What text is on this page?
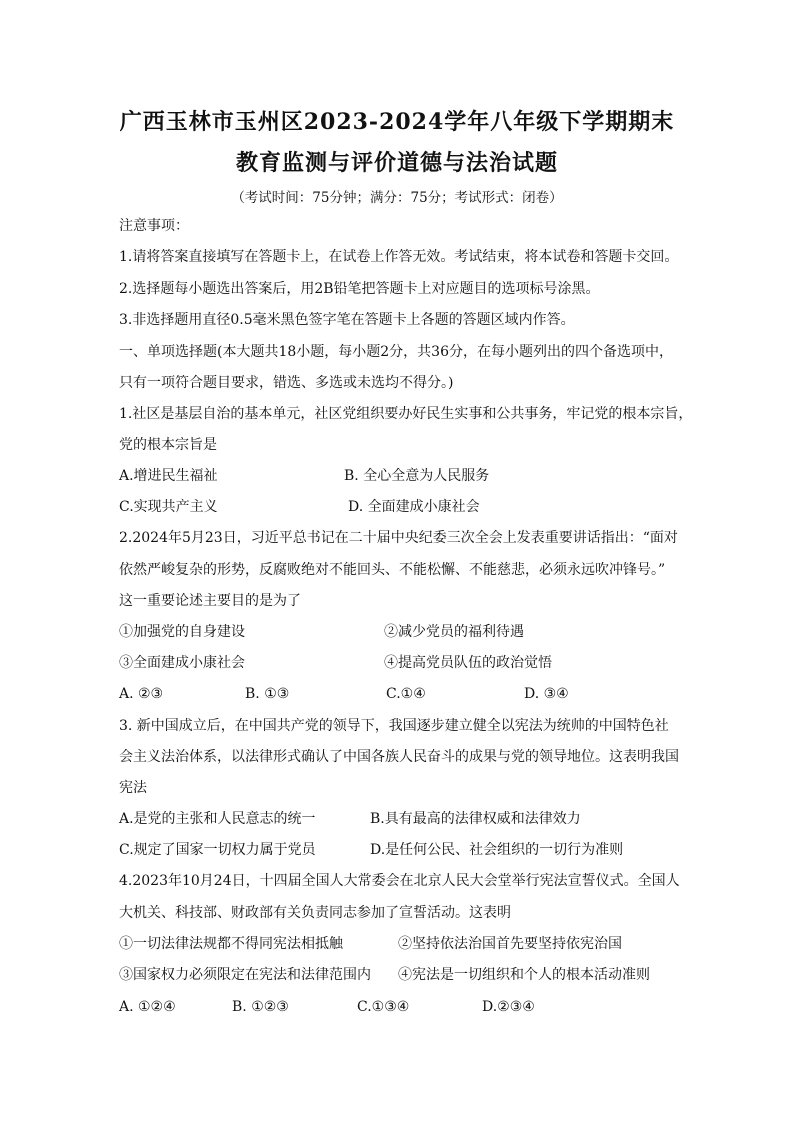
广西玉林市玉州区2023-2024学年八年级下学期期末
教育监测与评价道德与法治试题
（考试时间：75分钟；满分：75分；考试形式：闭卷）
注意事项：
1.请将答案直接填写在答题卡上，在试卷上作答无效。考试结束，将本试卷和答题卡交回。
2.选择题每小题选出答案后，用2B铅笔把答题卡上对应题目的选项标号涂黑。
3.非选择题用直径0.5毫米黑色签字笔在答题卡上各题的答题区域内作答。
一、单项选择题(本大题共18小题，每小题2分，共36分，在每小题列出的四个备选项中，
只有一项符合题目要求，错选、多选或未选均不得分。)
1.社区是基层自治的基本单元，社区党组织要办好民生实事和公共事务，牢记党的根本宗旨，
党的根本宗旨是
A.增进民生福祉	B. 全心全意为人民服务
C.实现共产主义	D. 全面建成小康社会
2.2024年5月23日，习近平总书记在二十届中央纪委三次全会上发表重要讲话指出：“面对
依然严峻复杂的形势，反腐败绝对不能回头、不能松懈、不能慈悲，必须永远吹冲锋号。”
这一重要论述主要目的是为了
①加强党的自身建设	②减少党员的福利待遇
③全面建成小康社会	④提高党员队伍的政治觉悟
A. ②③	B. ①③	C.①④	D. ③④
3. 新中国成立后，在中国共产党的领导下，我国逐步建立健全以宪法为统帅的中国特色社
会主义法治体系，以法律形式确认了中国各族人民奋斗的成果与党的领导地位。这表明我国
宪法
A.是党的主张和人民意志的统一	B.具有最高的法律权威和法律效力
C.规定了国家一切权力属于党员	D.是任何公民、社会组织的一切行为准则
4.2023年10月24日，十四届全国人大常委会在北京人民大会堂举行宪法宣誓仪式。全国人
大机关、科技部、财政部有关负责同志参加了宣誓活动。这表明
①一切法律法规都不得同宪法相抵触	②坚持依法治国首先要坚持依宪治国
③国家权力必须限定在宪法和法律范围内 ④宪法是一切组织和个人的根本活动准则
A. ①②④	B. ①②③	C.①③④	D.②③④
